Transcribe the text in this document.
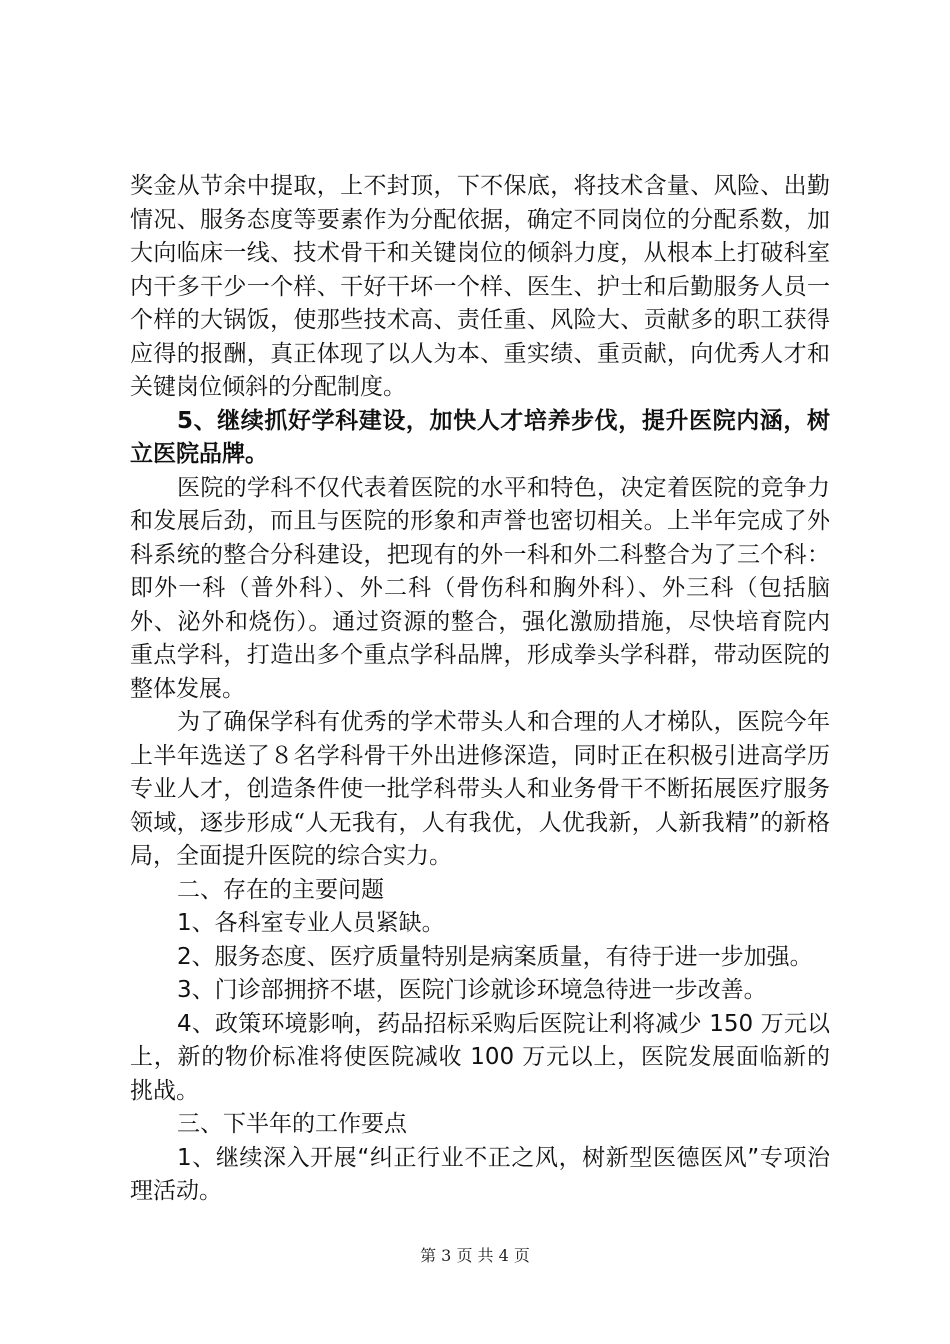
奖金从节余中提取，上不封顶，下不保底，将技术含量、风险、出勤情况、服务态度等要素作为分配依据，确定不同岗位的分配系数，加大向临床一线、技术骨干和关键岗位的倾斜力度，从根本上打破科室内干多干少一个样、干好干坏一个样、医生、护士和后勤服务人员一个样的大锅饭，使那些技术高、责任重、风险大、贡献多的职工获得应得的报酬，真正体现了以人为本、重实绩、重贡献，向优秀人才和关键岗位倾斜的分配制度。

5、继续抓好学科建设，加快人才培养步伐，提升医院内涵，树立医院品牌。

医院的学科不仅代表着医院的水平和特色，决定着医院的竞争力和发展后劲，而且与医院的形象和声誉也密切相关。上半年完成了外科系统的整合分科建设，把现有的外一科和外二科整合为了三个科：即外一科（普外科）、外二科（骨伤科和胸外科）、外三科（包括脑外、泌外和烧伤）。通过资源的整合，强化激励措施，尽快培育院内重点学科，打造出多个重点学科品牌，形成拳头学科群，带动医院的整体发展。

为了确保学科有优秀的学术带头人和合理的人才梯队，医院今年上半年选送了８名学科骨干外出进修深造，同时正在积极引进高学历专业人才，创造条件使一批学科带头人和业务骨干不断拓展医疗服务领域，逐步形成“人无我有，人有我优，人优我新，人新我精”的新格局，全面提升医院的综合实力。

二、存在的主要问题

1、各科室专业人员紧缺。

2、服务态度、医疗质量特别是病案质量，有待于进一步加强。

3、门诊部拥挤不堪，医院门诊就诊环境急待进一步改善。

4、政策环境影响，药品招标采购后医院让利将减少 150 万元以上，新的物价标准将使医院减收 100 万元以上，医院发展面临新的挑战。

三、下半年的工作要点

1、继续深入开展“纠正行业不正之风，树新型医德医风”专项治理活动。

第 3 页 共 4 页
